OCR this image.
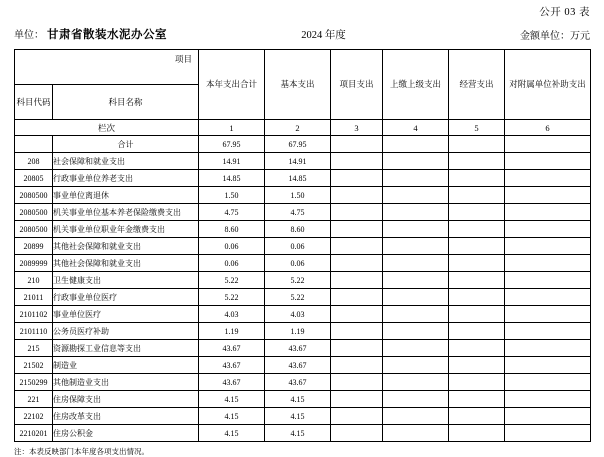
公开 03 表
单位： 甘肃省散装水泥办公室	2024 年度	金额单位：万元
项目		本年支出合计	基本支出	项目支出	上缴上级支出	经营支出	对附属单位补助支出
科目代码	科目名称						
栏次		1	2	3	4	5	6
	合计	67.95	67.95				
208	社会保障和就业支出	14.91	14.91				
20805	行政事业单位养老支出	14.85	14.85				
2080500	事业单位离退休	1.50	1.50				
2080500	机关事业单位基本养老保险缴费支出	4.75	4.75				
2080500	机关事业单位职业年金缴费支出	8.60	8.60				
20899	其他社会保障和就业支出	0.06	0.06				
2089999	其他社会保障和就业支出	0.06	0.06				
210	卫生健康支出	5.22	5.22				
21011	行政事业单位医疗	5.22	5.22				
2101102	事业单位医疗	4.03	4.03				
2101110	公务员医疗补助	1.19	1.19				
215	资源勘探工业信息等支出	43.67	43.67				
21502	制造业	43.67	43.67				
2150299	其他制造业支出	43.67	43.67				
221	住房保障支出	4.15	4.15				
22102	住房改革支出	4.15	4.15				
2210201	住房公积金	4.15	4.15				
注：本表反映部门本年度各项支出情况。
